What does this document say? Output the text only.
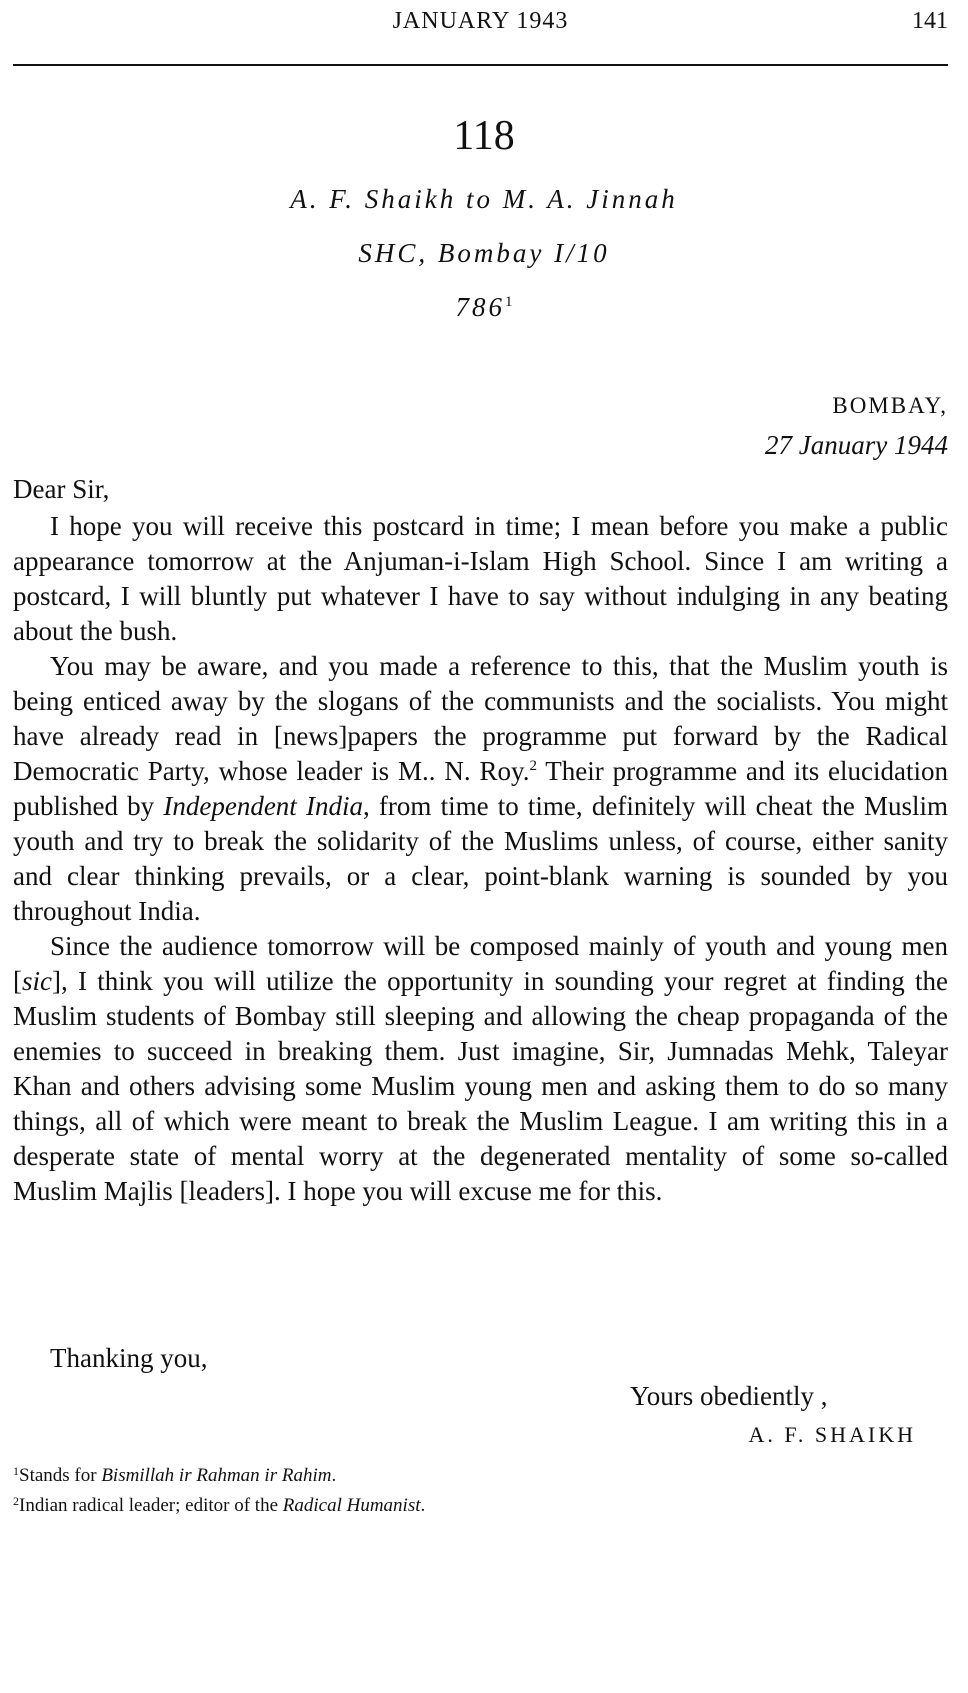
JANUARY 1943	141
118
A. F. Shaikh to M. A. Jinnah
SHC, Bombay I/10
$786^1$
BOMBAY,
27 January 1944
Dear Sir,

I hope you will receive this postcard in time; I mean before you make a public appearance tomorrow at the Anjuman-i-Islam High School. Since I am writing a postcard, I will bluntly put whatever I have to say without indulging in any beating about the bush.

You may be aware, and you made a reference to this, that the Muslim youth is being enticed away by the slogans of the communists and the socialists. You might have already read in [news]papers the programme put forward by the Radical Democratic Party, whose leader is M.. N. Roy.$^2$ Their programme and its elucidation published by Independent India, from time to time, definitely will cheat the Muslim youth and try to break the solidarity of the Muslims unless, of course, either sanity and clear thinking prevails, or a clear, point-blank warning is sounded by you throughout India.

Since the audience tomorrow will be composed mainly of youth and young men [sic], I think you will utilize the opportunity in sounding your regret at finding the Muslim students of Bombay still sleeping and allowing the cheap propaganda of the enemies to succeed in breaking them. Just imagine, Sir, Jumnadas Mehk, Taleyar Khan and others advising some Muslim young men and asking them to do so many things, all of which were meant to break the Muslim League. I am writing this in a desperate state of mental worry at the degenerated mentality of some so-called Muslim Majlis [leaders]. I hope you will excuse me for this.

Thanking you,
Yours obediently ,
A. F. SHAIKH

$^1$Stands for Bismillah ir Rahman ir Rahim.

$^2$Indian radical leader; editor of the Radical Humanist.
